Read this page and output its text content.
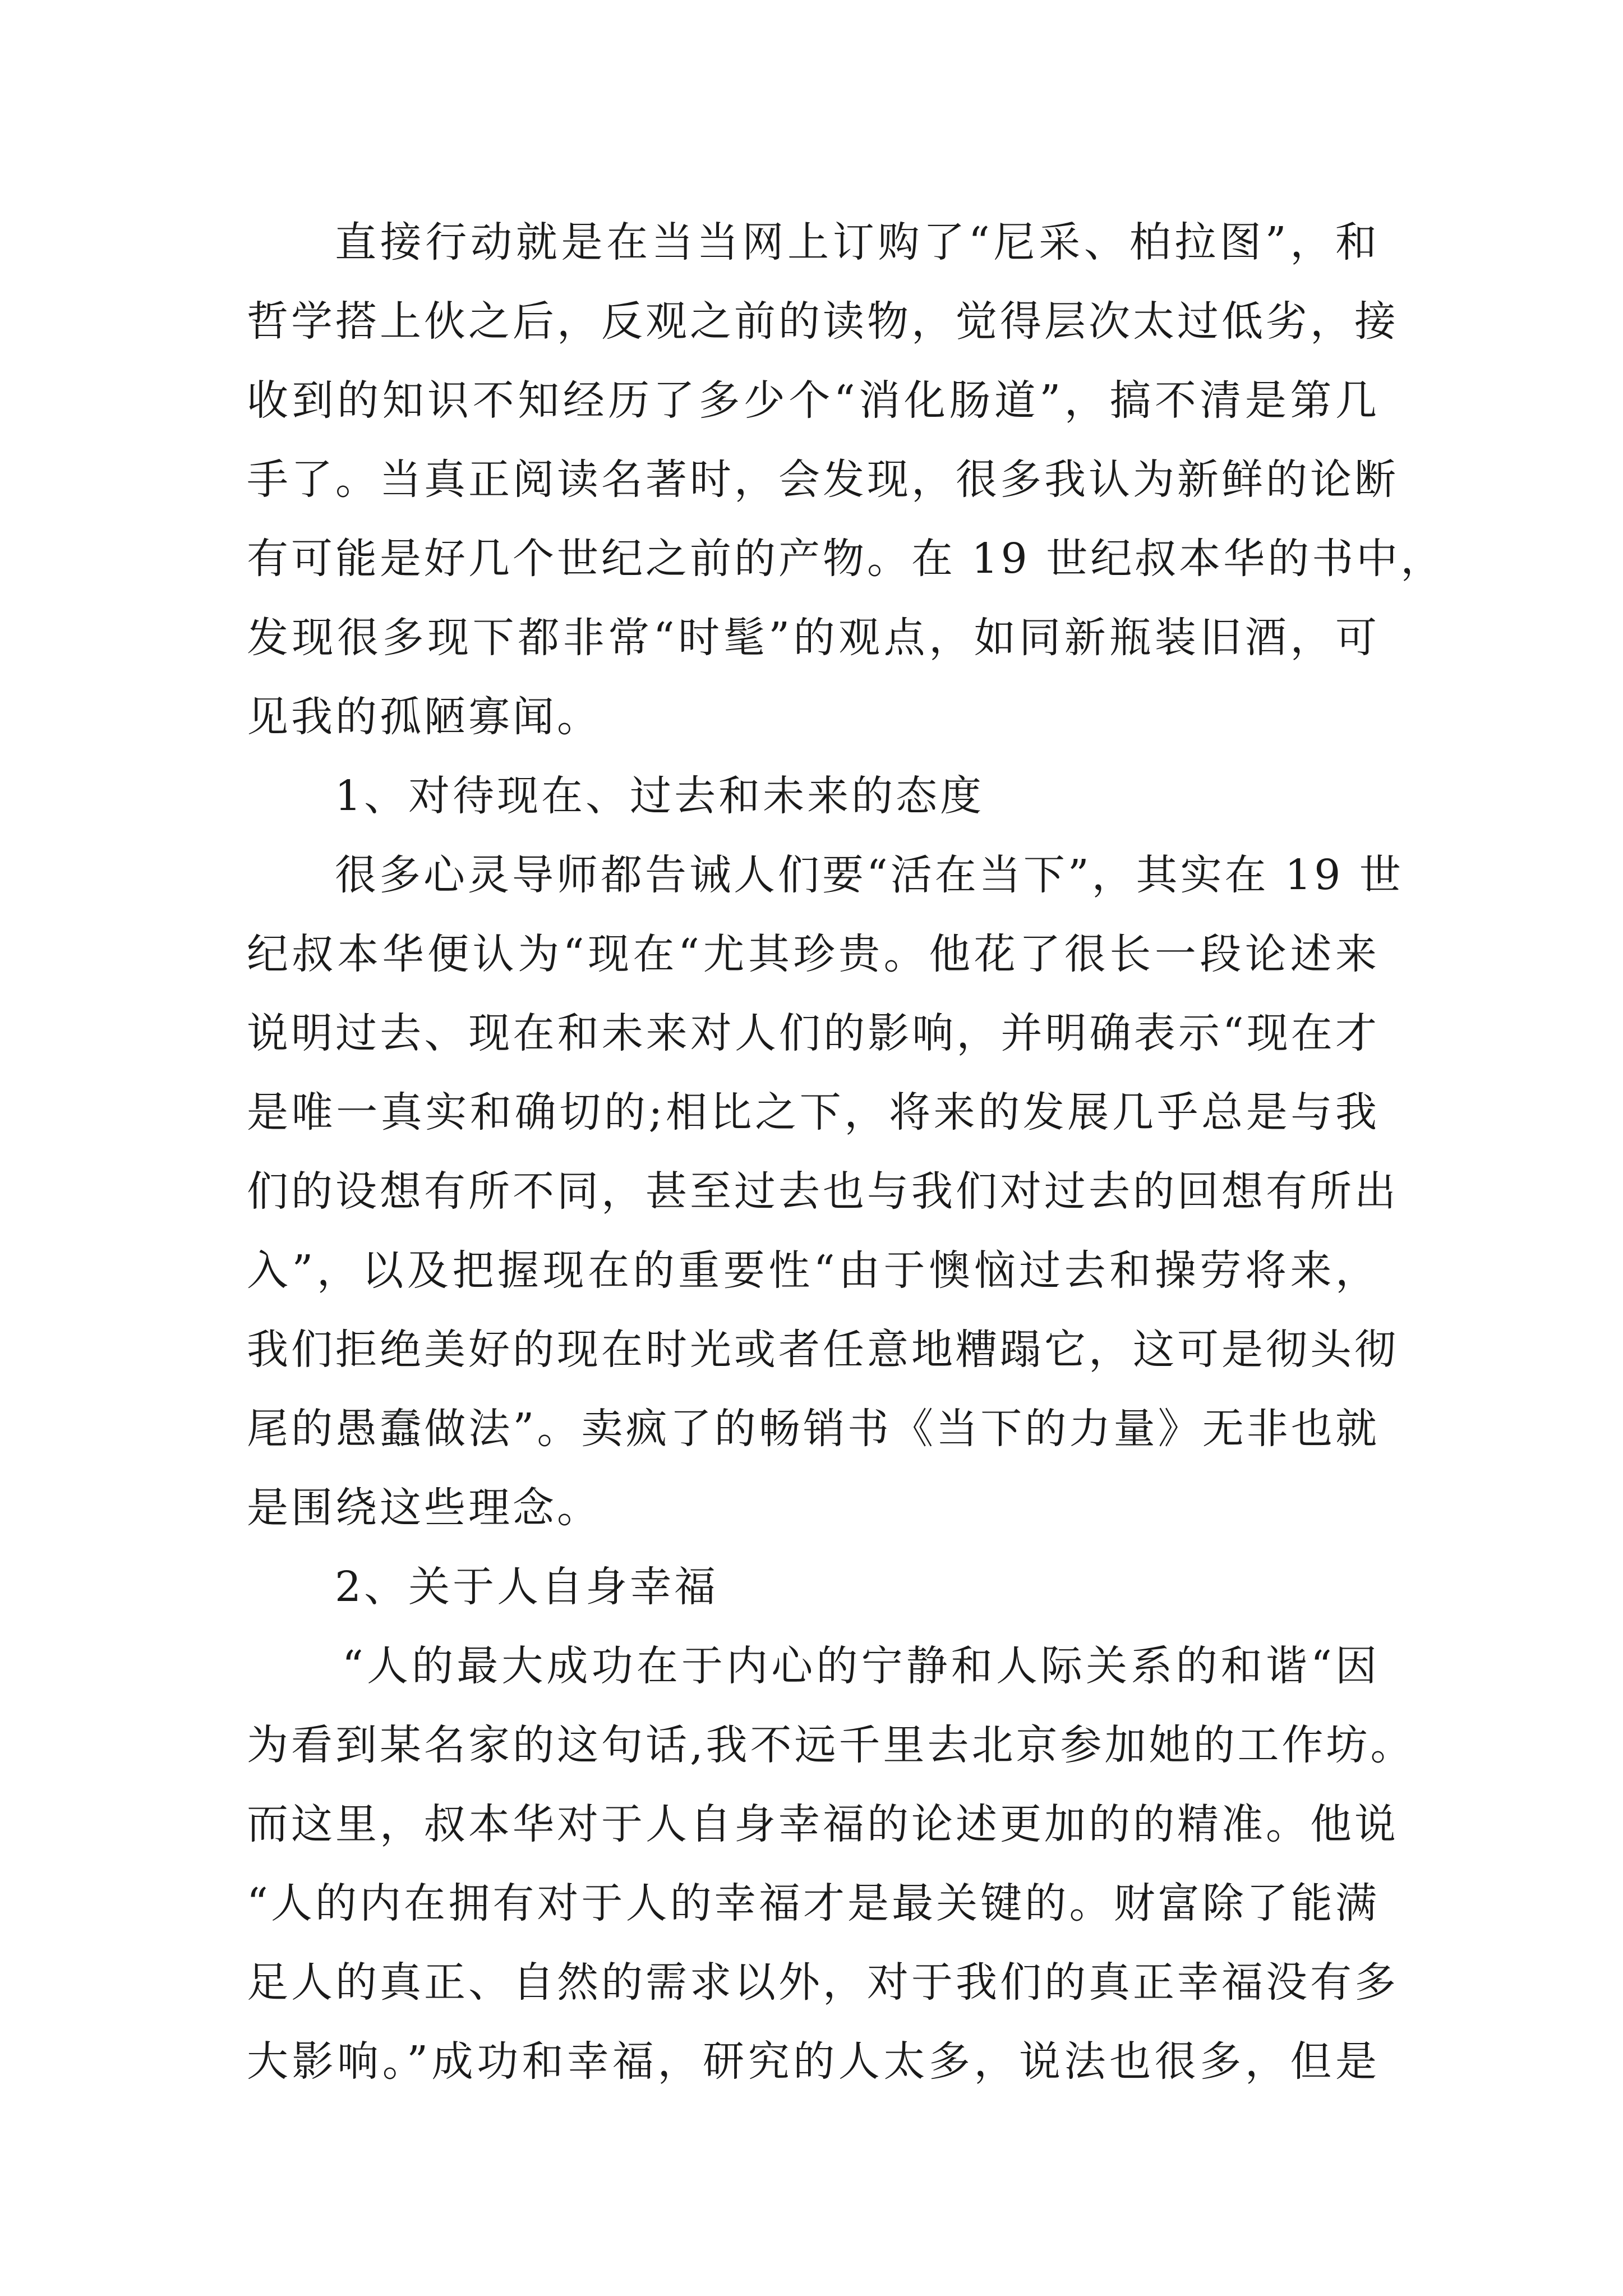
直接行动就是在当当网上订购了“尼采、柏拉图”，和
哲学搭上伙之后，反观之前的读物，觉得层次太过低劣，接
收到的知识不知经历了多少个“消化肠道”，搞不清是第几
手了。当真正阅读名著时，会发现，很多我认为新鲜的论断
有可能是好几个世纪之前的产物。在 19 世纪叔本华的书中，
发现很多现下都非常“时髦”的观点，如同新瓶装旧酒，可
见我的孤陋寡闻。
1、对待现在、过去和未来的态度
很多心灵导师都告诫人们要“活在当下”，其实在 19 世
纪叔本华便认为“现在“尤其珍贵。他花了很长一段论述来
说明过去、现在和未来对人们的影响，并明确表示“现在才
是唯一真实和确切的;相比之下，将来的发展几乎总是与我
们的设想有所不同，甚至过去也与我们对过去的回想有所出
入”，以及把握现在的重要性“由于懊恼过去和操劳将来，
我们拒绝美好的现在时光或者任意地糟蹋它，这可是彻头彻
尾的愚蠢做法”。卖疯了的畅销书《当下的力量》无非也就
是围绕这些理念。
2、关于人自身幸福
“人的最大成功在于内心的宁静和人际关系的和谐“因
为看到某名家的这句话,我不远千里去北京参加她的工作坊。
而这里，叔本华对于人自身幸福的论述更加的的精准。他说
“人的内在拥有对于人的幸福才是最关键的。财富除了能满
足人的真正、自然的需求以外，对于我们的真正幸福没有多
大影响。”成功和幸福，研究的人太多，说法也很多，但是
